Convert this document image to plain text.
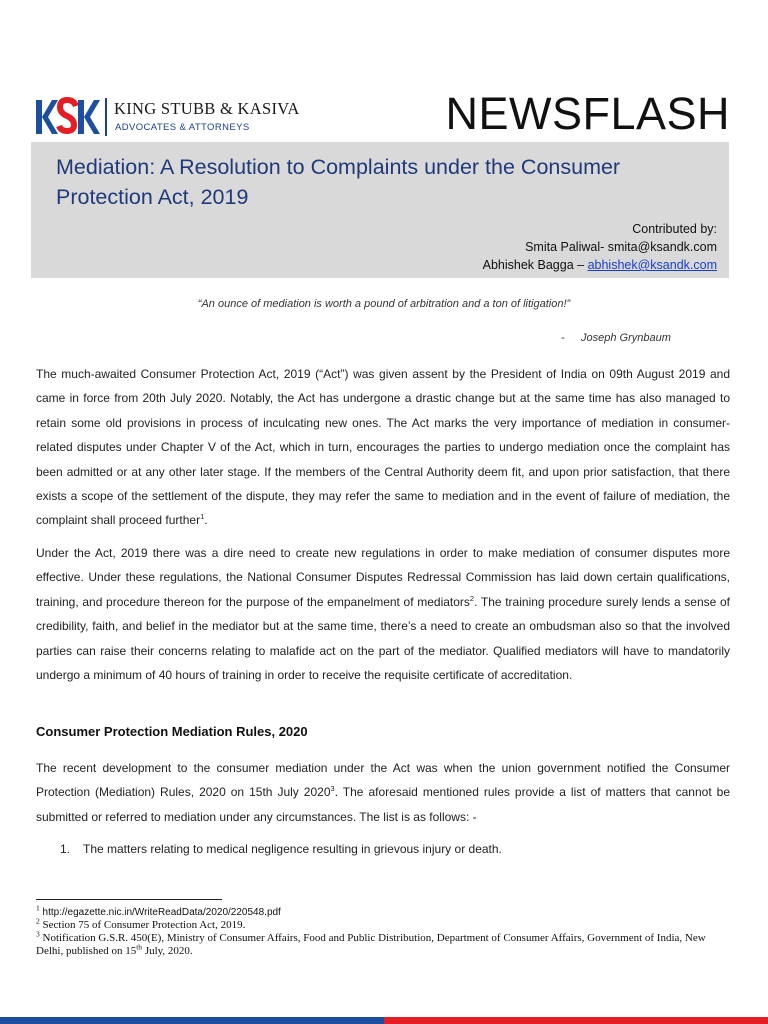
KING STUBB & KASIVA
ADVOCATES & ATTORNEYS	NEWSFLASH
Mediation: A Resolution to Complaints under the Consumer Protection Act, 2019
Contributed by:
Smita Paliwal- smita@ksandk.com
Abhishek Bagga – abhishek@ksandk.com
“An ounce of mediation is worth a pound of arbitration and a ton of litigation!”
- Joseph Grynbaum
The much-awaited Consumer Protection Act, 2019 (“Act”) was given assent by the President of India on 09th August 2019 and came in force from 20th July 2020. Notably, the Act has undergone a drastic change but at the same time has also managed to retain some old provisions in process of inculcating new ones. The Act marks the very importance of mediation in consumer-related disputes under Chapter V of the Act, which in turn, encourages the parties to undergo mediation once the complaint has been admitted or at any other later stage. If the members of the Central Authority deem fit, and upon prior satisfaction, that there exists a scope of the settlement of the dispute, they may refer the same to mediation and in the event of failure of mediation, the complaint shall proceed further$^1$.
Under the Act, 2019 there was a dire need to create new regulations in order to make mediation of consumer disputes more effective. Under these regulations, the National Consumer Disputes Redressal Commission has laid down certain qualifications, training, and procedure thereon for the purpose of the empanelment of mediators$^2$. The training procedure surely lends a sense of credibility, faith, and belief in the mediator but at the same time, there’s a need to create an ombudsman also so that the involved parties can raise their concerns relating to malafide act on the part of the mediator. Qualified mediators will have to mandatorily undergo a minimum of 40 hours of training in order to receive the requisite certificate of accreditation.
Consumer Protection Mediation Rules, 2020
The recent development to the consumer mediation under the Act was when the union government notified the Consumer Protection (Mediation) Rules, 2020 on 15th July 2020$^3$. The aforesaid mentioned rules provide a list of matters that cannot be submitted or referred to mediation under any circumstances. The list is as follows: -
1. The matters relating to medical negligence resulting in grievous injury or death.

$^1$ http://egazette.nic.in/WriteReadData/2020/220548.pdf

$^2$ Section 75 of Consumer Protection Act, 2019.

$^3$ Notification G.S.R. 450(E), Ministry of Consumer Affairs, Food and Public Distribution, Department of Consumer Affairs, Government of India, New Delhi, published on 15th July, 2020.
